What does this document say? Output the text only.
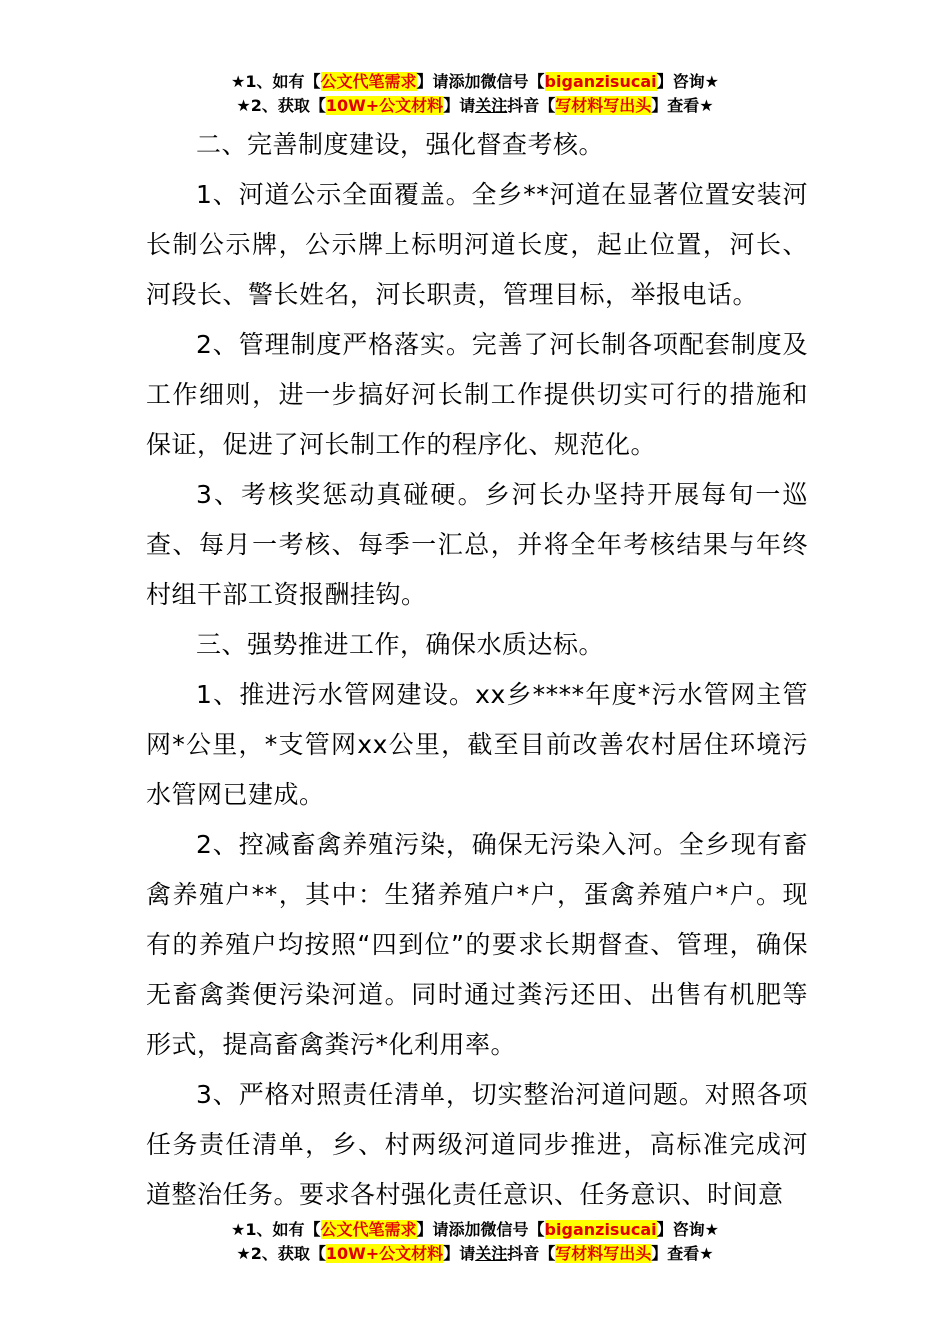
★1、如有【公文代笔需求】请添加微信号【biganzisucai】咨询★
★2、获取【10W+公文材料】请关注抖音【写材料写出头】查看★

二、完善制度建设，强化督查考核。

1、河道公示全面覆盖。全乡**河道在显著位置安装河长制公示牌，公示牌上标明河道长度，起止位置，河长、河段长、警长姓名，河长职责，管理目标，举报电话。

2、管理制度严格落实。完善了河长制各项配套制度及工作细则，进一步搞好河长制工作提供切实可行的措施和保证，促进了河长制工作的程序化、规范化。

3、考核奖惩动真碰硬。乡河长办坚持开展每旬一巡查、每月一考核、每季一汇总，并将全年考核结果与年终村组干部工资报酬挂钩。

三、强势推进工作，确保水质达标。

1、推进污水管网建设。xx乡****年度*污水管网主管网*公里，*支管网xx公里，截至目前改善农村居住环境污水管网已建成。

2、控减畜禽养殖污染，确保无污染入河。全乡现有畜禽养殖户**，其中：生猪养殖户*户，蛋禽养殖户*户。现有的养殖户均按照“四到位”的要求长期督查、管理，确保无畜禽粪便污染河道。同时通过粪污还田、出售有机肥等形式，提高畜禽粪污*化利用率。

3、严格对照责任清单，切实整治河道问题。对照各项任务责任清单，乡、村两级河道同步推进，高标准完成河道整治任务。要求各村强化责任意识、任务意识、时间意

★1、如有【公文代笔需求】请添加微信号【biganzisucai】咨询★
★2、获取【10W+公文材料】请关注抖音【写材料写出头】查看★
